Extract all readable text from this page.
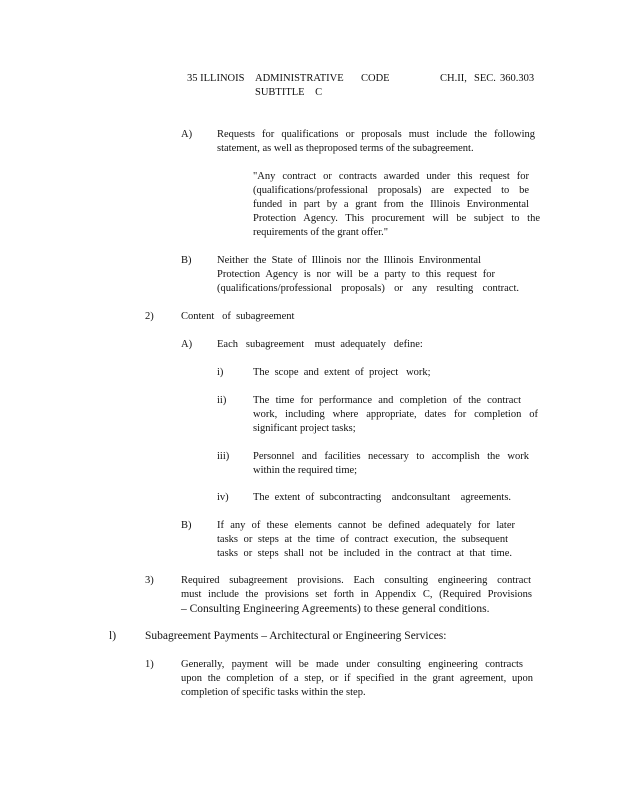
35 ILLINOIS ADMINISTRATIVE CODE	CH.II, SEC. 360.303
SUBTITLE    C
A) Requests for qualifications or proposals must include the following
statement, as well as theproposed terms of the subagreement.
"Any contract or contracts awarded under this request for
(qualifications/professional proposals) are expected to be
funded in part by a grant from the Illinois Environmental
Protection Agency. This procurement will be subject to the
requirements of the grant offer."
B) Neither the State of Illinois nor the Illinois Environmental
Protection Agency is nor will be a party to this request for
(qualifications/professional proposals) or any resulting contract.
2)	Content   of  subagreement
A) Each   subagreement    must  adequately   define:
i)	The  scope  and  extent  of  project   work;
ii)	The time for performance and completion of the contract
work, including where appropriate, dates for completion of
significant project tasks;
iii) Personnel and facilities necessary to accomplish the work
within the required time;
iv) The  extent  of  subcontracting    andconsultant    agreements.
B) If any of these elements cannot be defined adequately for later
tasks or steps at the time of contract execution, the subsequent
tasks or steps shall not be included in the contract at that time.
3)	Required subagreement provisions. Each consulting engineering contract
must include the provisions set forth in Appendix C, (Required Provisions
– Consulting Engineering Agreements) to these general conditions.
l)	Subagreement Payments – Architectural or Engineering Services:
1)	Generally, payment will be made under consulting engineering contracts
upon the completion of a step, or if specified in the grant agreement, upon
completion of specific tasks within the step.
